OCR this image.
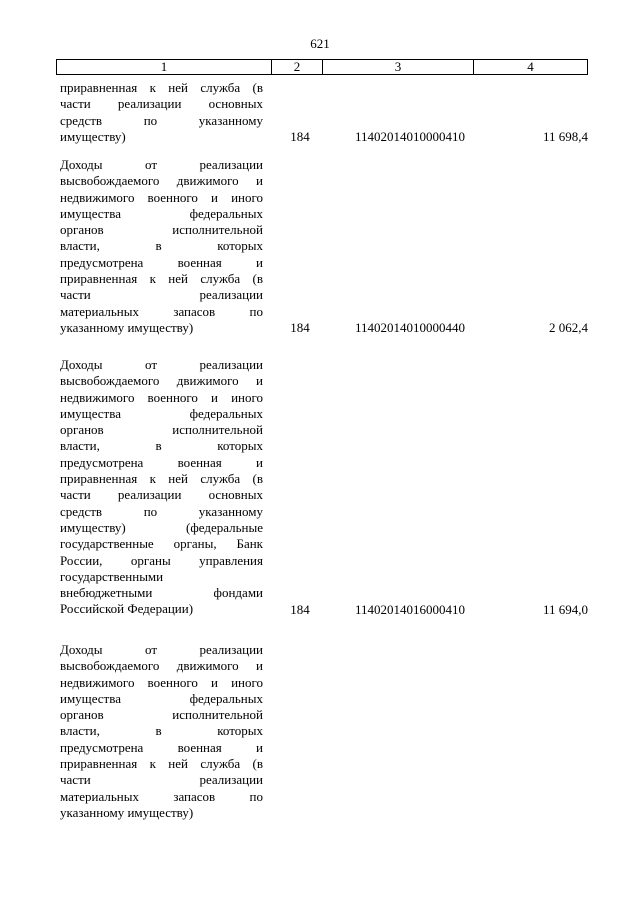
621
1	2	3	4
приравненная к ней служба (в
части реализации основных
средств по указанному
имуществу)	184	11402014010000410	11 698,4
Доходы от реализации
высвобождаемого движимого и
недвижимого военного и иного
имущества федеральных
органов исполнительной
власти, в которых
предусмотрена военная и
приравненная к ней служба (в
части реализации
материальных запасов по
указанному имуществу)	184	11402014010000440	2 062,4
Доходы от реализации
высвобождаемого движимого и
недвижимого военного и иного
имущества федеральных
органов исполнительной
власти, в которых
предусмотрена военная и
приравненная к ней служба (в
части реализации основных
средств по указанному
имуществу) (федеральные
государственные органы, Банк
России, органы управления
государственными
внебюджетными фондами
Российской Федерации)	184	11402014016000410	11 694,0
Доходы от реализации
высвобождаемого движимого и
недвижимого военного и иного
имущества федеральных
органов исполнительной
власти, в которых
предусмотрена военная и
приравненная к ней служба (в
части реализации
материальных запасов по
указанному имуществу)
